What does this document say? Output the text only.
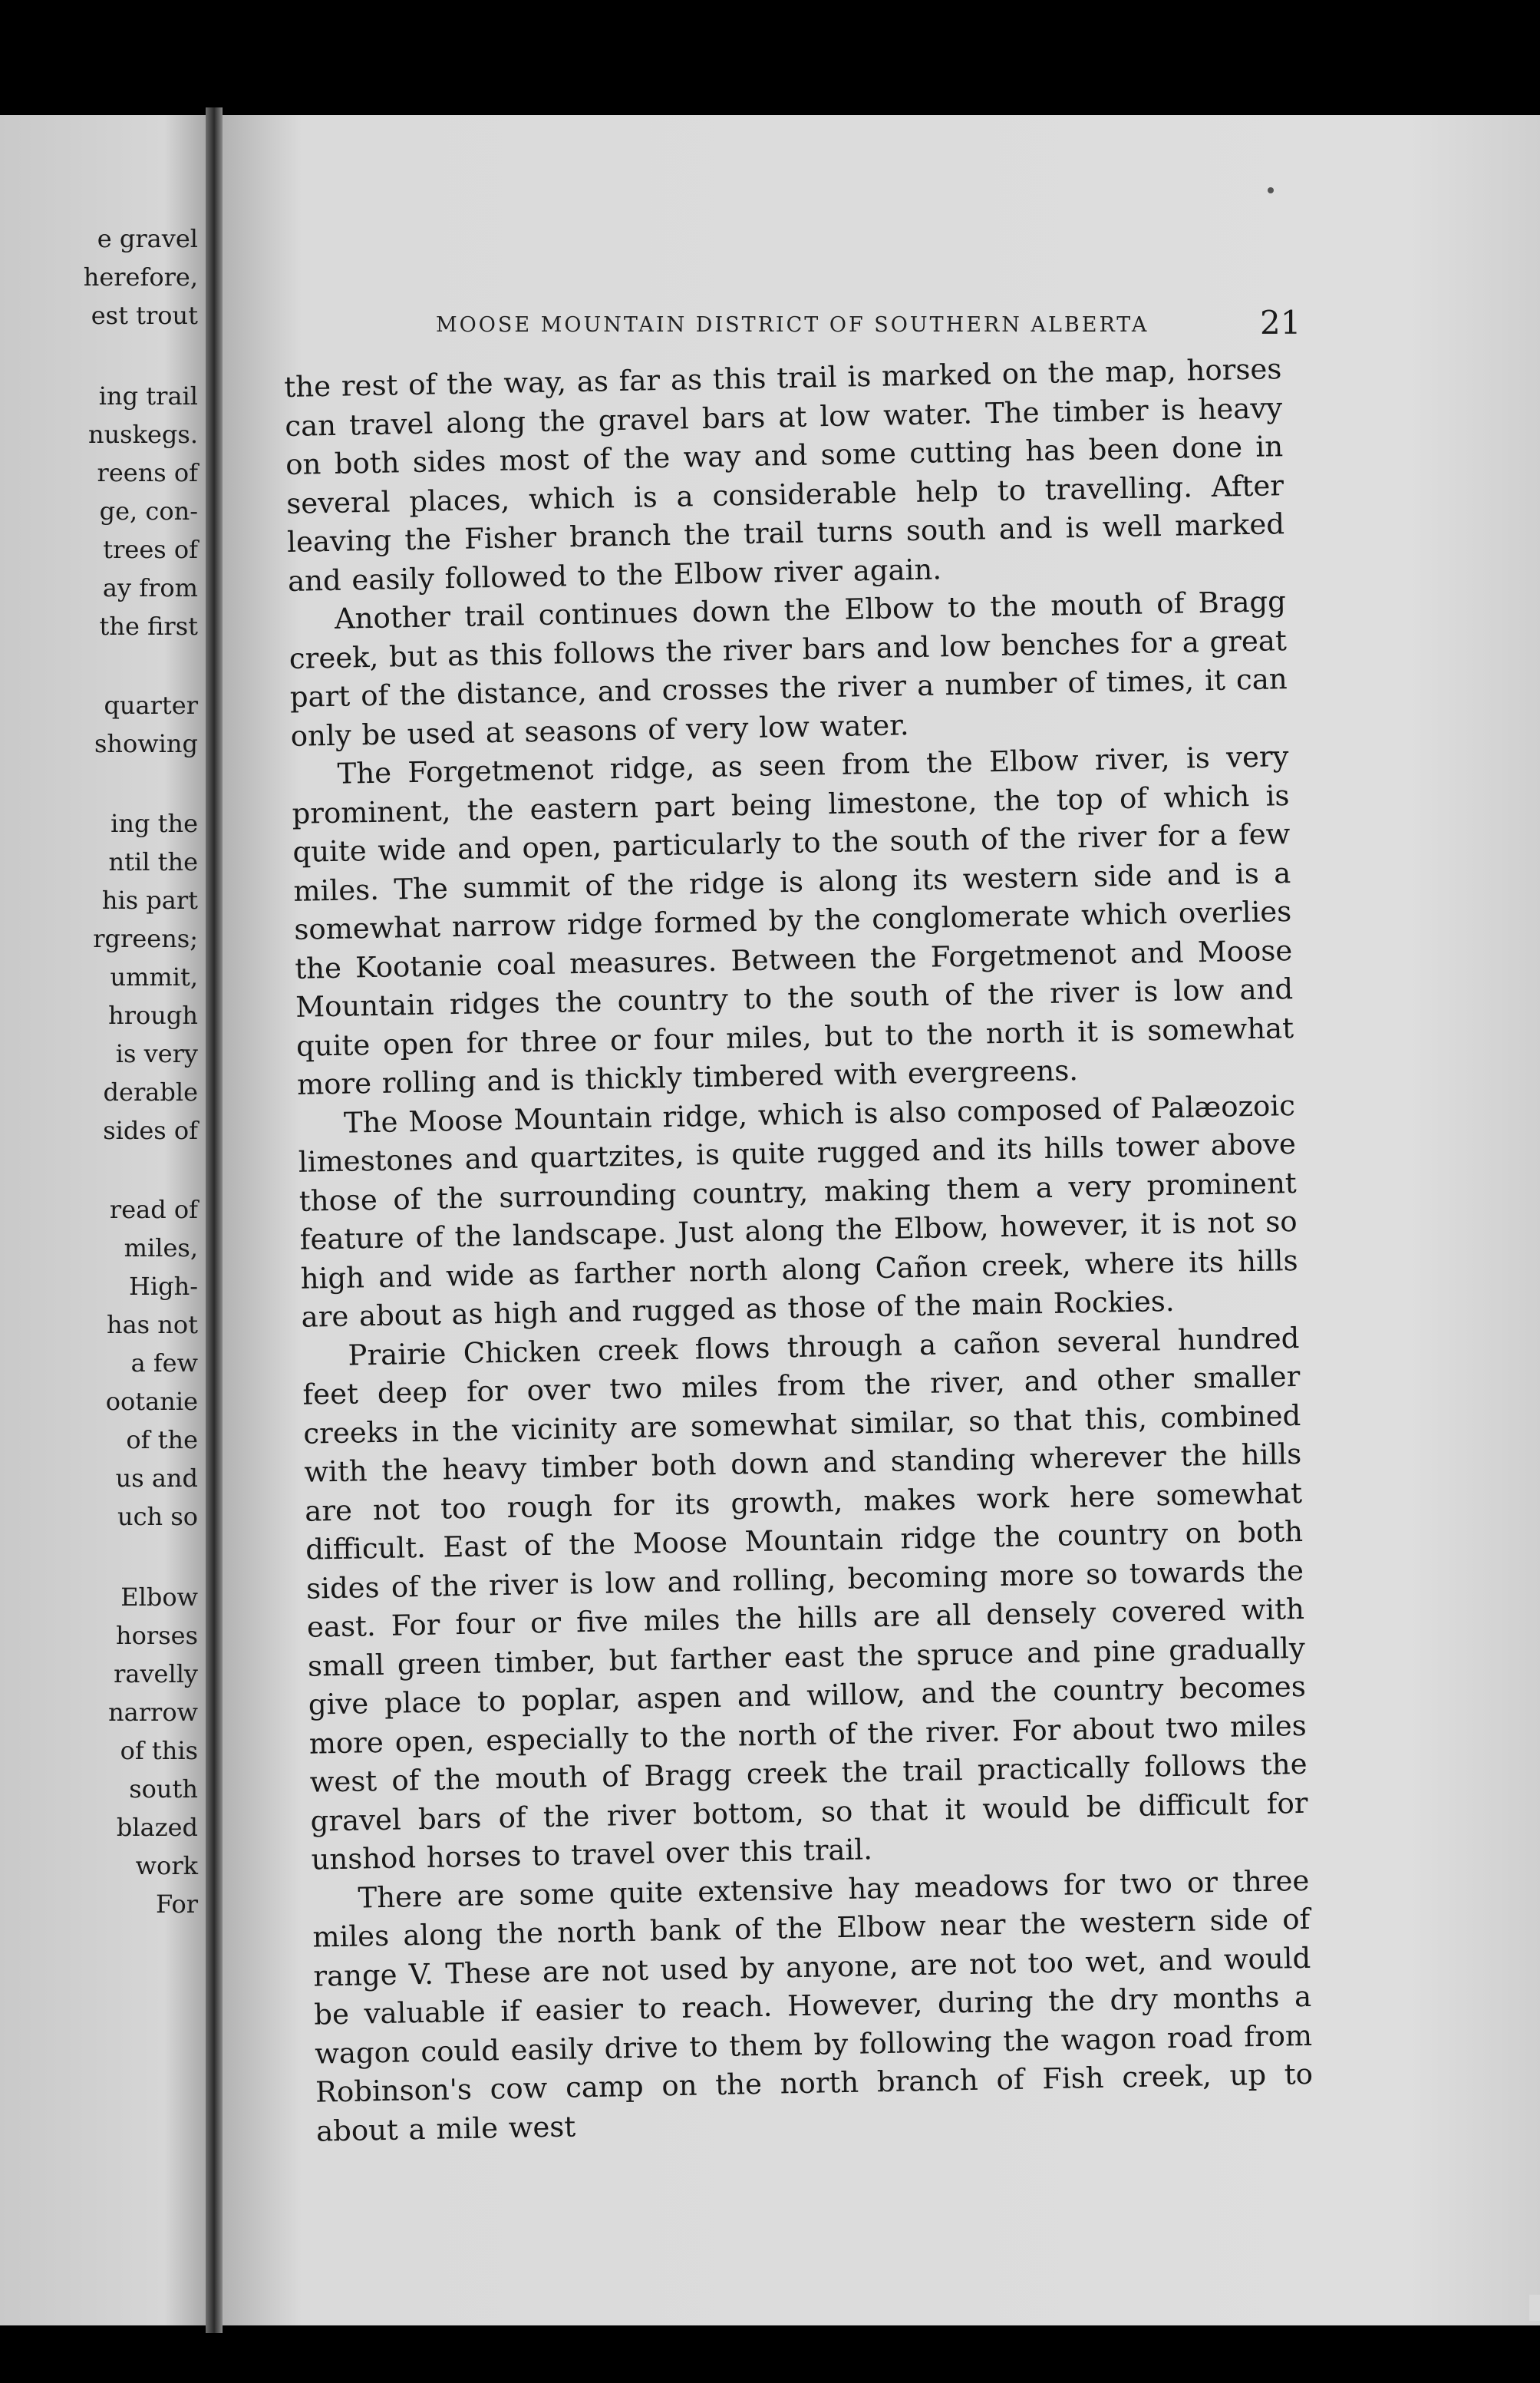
e gravel
herefore,
est trout
ing trail
nuskegs.
reens of
ge, con-
trees of
ay from
the first
quarter
showing
ing the
ntil the
his part
rgreens;
ummit,
hrough
is very
derable
sides of
read of
miles,
High-
has not
a few
ootanie
of the
us and
uch so
Elbow
horses
ravelly
narrow
of this
south
blazed
work
For
MOOSE MOUNTAIN DISTRICT OF SOUTHERN ALBERTA	21

the rest of the way, as far as this trail is marked on the map, horses can travel along the gravel bars at low water. The timber is heavy on both sides most of the way and some cutting has been done in several places, which is a considerable help to travelling. After leaving the Fisher branch the trail turns south and is well marked and easily followed to the Elbow river again.

Another trail continues down the Elbow to the mouth of Bragg creek, but as this follows the river bars and low benches for a great part of the distance, and crosses the river a number of times, it can only be used at seasons of very low water.

The Forgetmenot ridge, as seen from the Elbow river, is very prominent, the eastern part being limestone, the top of which is quite wide and open, particularly to the south of the river for a few miles. The summit of the ridge is along its western side and is a somewhat narrow ridge formed by the conglomerate which overlies the Kootanie coal measures. Between the Forgetmenot and Moose Mountain ridges the country to the south of the river is low and quite open for three or four miles, but to the north it is somewhat more rolling and is thickly timbered with evergreens.

The Moose Mountain ridge, which is also composed of Palæozoic limestones and quartzites, is quite rugged and its hills tower above those of the surrounding country, making them a very prominent feature of the landscape. Just along the Elbow, however, it is not so high and wide as farther north along Cañon creek, where its hills are about as high and rugged as those of the main Rockies.

Prairie Chicken creek flows through a cañon several hundred feet deep for over two miles from the river, and other smaller creeks in the vicinity are somewhat similar, so that this, combined with the heavy timber both down and standing wherever the hills are not too rough for its growth, makes work here somewhat difficult. East of the Moose Mountain ridge the country on both sides of the river is low and rolling, becoming more so towards the east. For four or five miles the hills are all densely covered with small green timber, but farther east the spruce and pine gradually give place to poplar, aspen and willow, and the country becomes more open, especially to the north of the river. For about two miles west of the mouth of Bragg creek the trail practically follows the gravel bars of the river bottom, so that it would be difficult for unshod horses to travel over this trail.

There are some quite extensive hay meadows for two or three miles along the north bank of the Elbow near the western side of range V. These are not used by anyone, are not too wet, and would be valuable if easier to reach. However, during the dry months a wagon could easily drive to them by following the wagon road from Robinson's cow camp on the north branch of Fish creek, up to about a mile west
